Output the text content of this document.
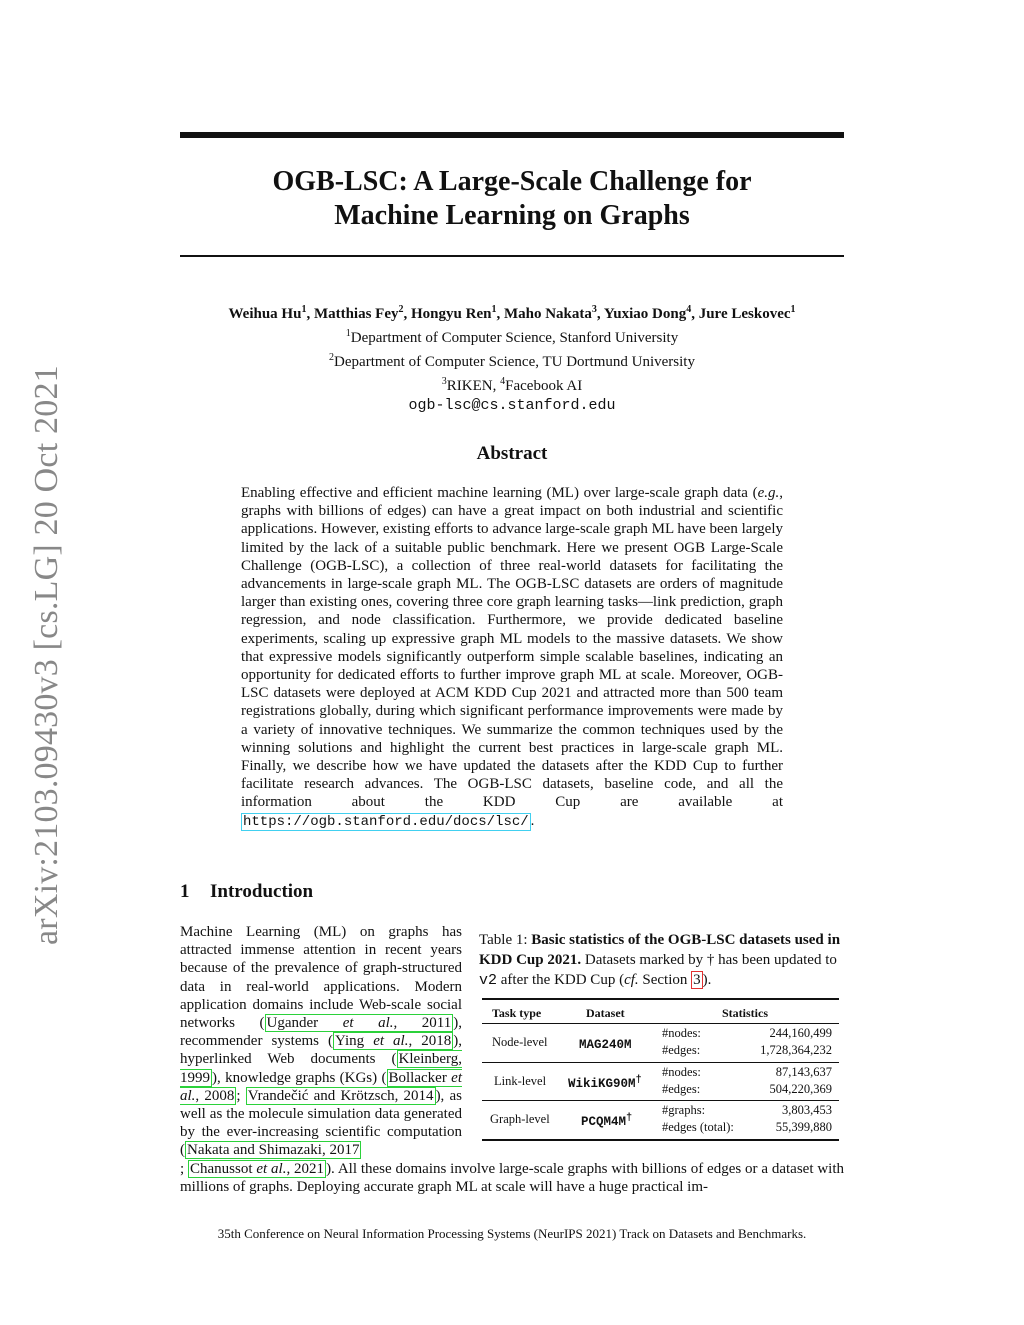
arXiv:2103.09430v3 [cs.LG] 20 Oct 2021
OGB-LSC: A Large-Scale Challenge for
Machine Learning on Graphs
Weihua Hu$^1$, Matthias Fey$^2$, Hongyu Ren$^1$, Maho Nakata$^3$, Yuxiao Dong$^4$, Jure Leskovec$^1$
$^1$Department of Computer Science, Stanford University
$^2$Department of Computer Science, TU Dortmund University
$^3$RIKEN, $^4$Facebook AI
ogb-lsc@cs.stanford.edu
Abstract
Enabling effective and efficient machine learning (ML) over large-scale graph data (e.g., graphs with billions of edges) can have a great impact on both industrial and scientific applications. However, existing efforts to advance large-scale graph ML have been largely limited by the lack of a suitable public benchmark. Here we present OGB Large-Scale Challenge (OGB-LSC), a collection of three real-world datasets for facilitating the advancements in large-scale graph ML. The OGB-LSC datasets are orders of magnitude larger than existing ones, covering three core graph learning tasks—link prediction, graph regression, and node classification. Furthermore, we provide dedicated baseline experiments, scaling up expressive graph ML models to the massive datasets. We show that expressive models significantly outperform simple scalable baselines, indicating an opportunity for dedicated efforts to further improve graph ML at scale. Moreover, OGB-LSC datasets were deployed at ACM KDD Cup 2021 and attracted more than 500 team registrations globally, during which significant performance improvements were made by a variety of innovative techniques. We summarize the common techniques used by the winning solutions and highlight the current best practices in large-scale graph ML. Finally, we describe how we have updated the datasets after the KDD Cup to further facilitate research advances. The OGB-LSC datasets, baseline code, and all the information about the KDD Cup are available at https://ogb.stanford.edu/docs/lsc/ .
1 Introduction
Machine Learning (ML) on graphs has attracted immense attention in recent years because of the prevalence of graph-structured data in real-world applications. Modern application domains include Web-scale social networks ( Ugander et al., 2011 ), recommender systems ( Ying et al., 2018 ), hyperlinked Web documents ( Kleinberg, 1999 ), knowledge graphs (KGs) ( Bollacker et al., 2008 ; Vrandečić and Krötzsch, 2014 ), as well as the molecule simulation data generated by the ever-increasing scientific computation ( Nakata and Shimazaki, 2017
; Chanussot et al., 2021 ). All these domains involve large-scale graphs with billions of edges or a dataset with millions of graphs. Deploying accurate graph ML at scale will have a huge practical im-
Table 1: Basic statistics of the OGB-LSC datasets used in KDD Cup 2021. Datasets marked by † has been updated to v2 after the KDD Cup (cf. Section 3 ).
Task type	Dataset	Statistics
Node-level	MAG240M
#nodes:	244,160,499
#edges:	1,728,364,232
Link-level WikiKG90M†
#nodes:	87,143,637
#edges:	504,220,369
Graph-level	PCQM4M†
#graphs:	3,803,453
#edges (total):	55,399,880
35th Conference on Neural Information Processing Systems (NeurIPS 2021) Track on Datasets and Benchmarks.
